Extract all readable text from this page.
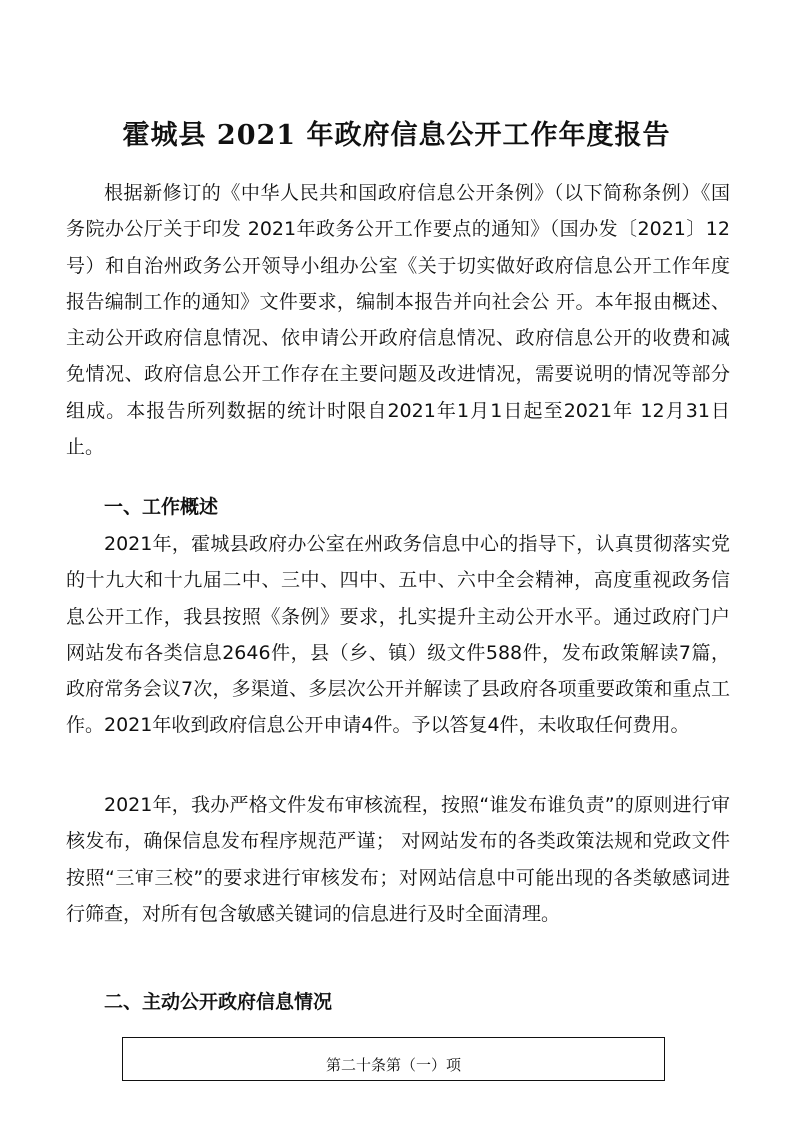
霍城县 2021 年政府信息公开工作年度报告

根据新修订的《中华人民共和国政府信息公开条例》（以下简称条例）《国务院办公厅关于印发 2021年政务公开工作要点的通知》（国办发〔2021〕12 号）和自治州政务公开领导小组办公室《关于切实做好政府信息公开工作年度报告编制工作的通知》文件要求，编制本报告并向社会公 开。本年报由概述、主动公开政府信息情况、依申请公开政府信息情况、政府信息公开的收费和减免情况、政府信息公开工作存在主要问题及改进情况，需要说明的情况等部分组成。本报告所列数据的统计时限自2021年1月1日起至2021年 12月31日止。

一、工作概述

2021年，霍城县政府办公室在州政务信息中心的指导下，认真贯彻落实党的十九大和十九届二中、三中、四中、五中、六中全会精神，高度重视政务信息公开工作，我县按照《条例》要求，扎实提升主动公开水平。通过政府门户网站发布各类信息2646件，县（乡、镇）级文件588件，发布政策解读7篇，政府常务会议7次，多渠道、多层次公开并解读了县政府各项重要政策和重点工作。2021年收到政府信息公开申请4件。予以答复4件，未收取任何费用。

2021年，我办严格文件发布审核流程，按照“谁发布谁负责”的原则进行审核发布，确保信息发布程序规范严谨； 对网站发布的各类政策法规和党政文件按照“三审三校”的要求进行审核发布；对网站信息中可能出现的各类敏感词进行筛查，对所有包含敏感关键词的信息进行及时全面清理。

二、主动公开政府信息情况
第二十条第（一）项
